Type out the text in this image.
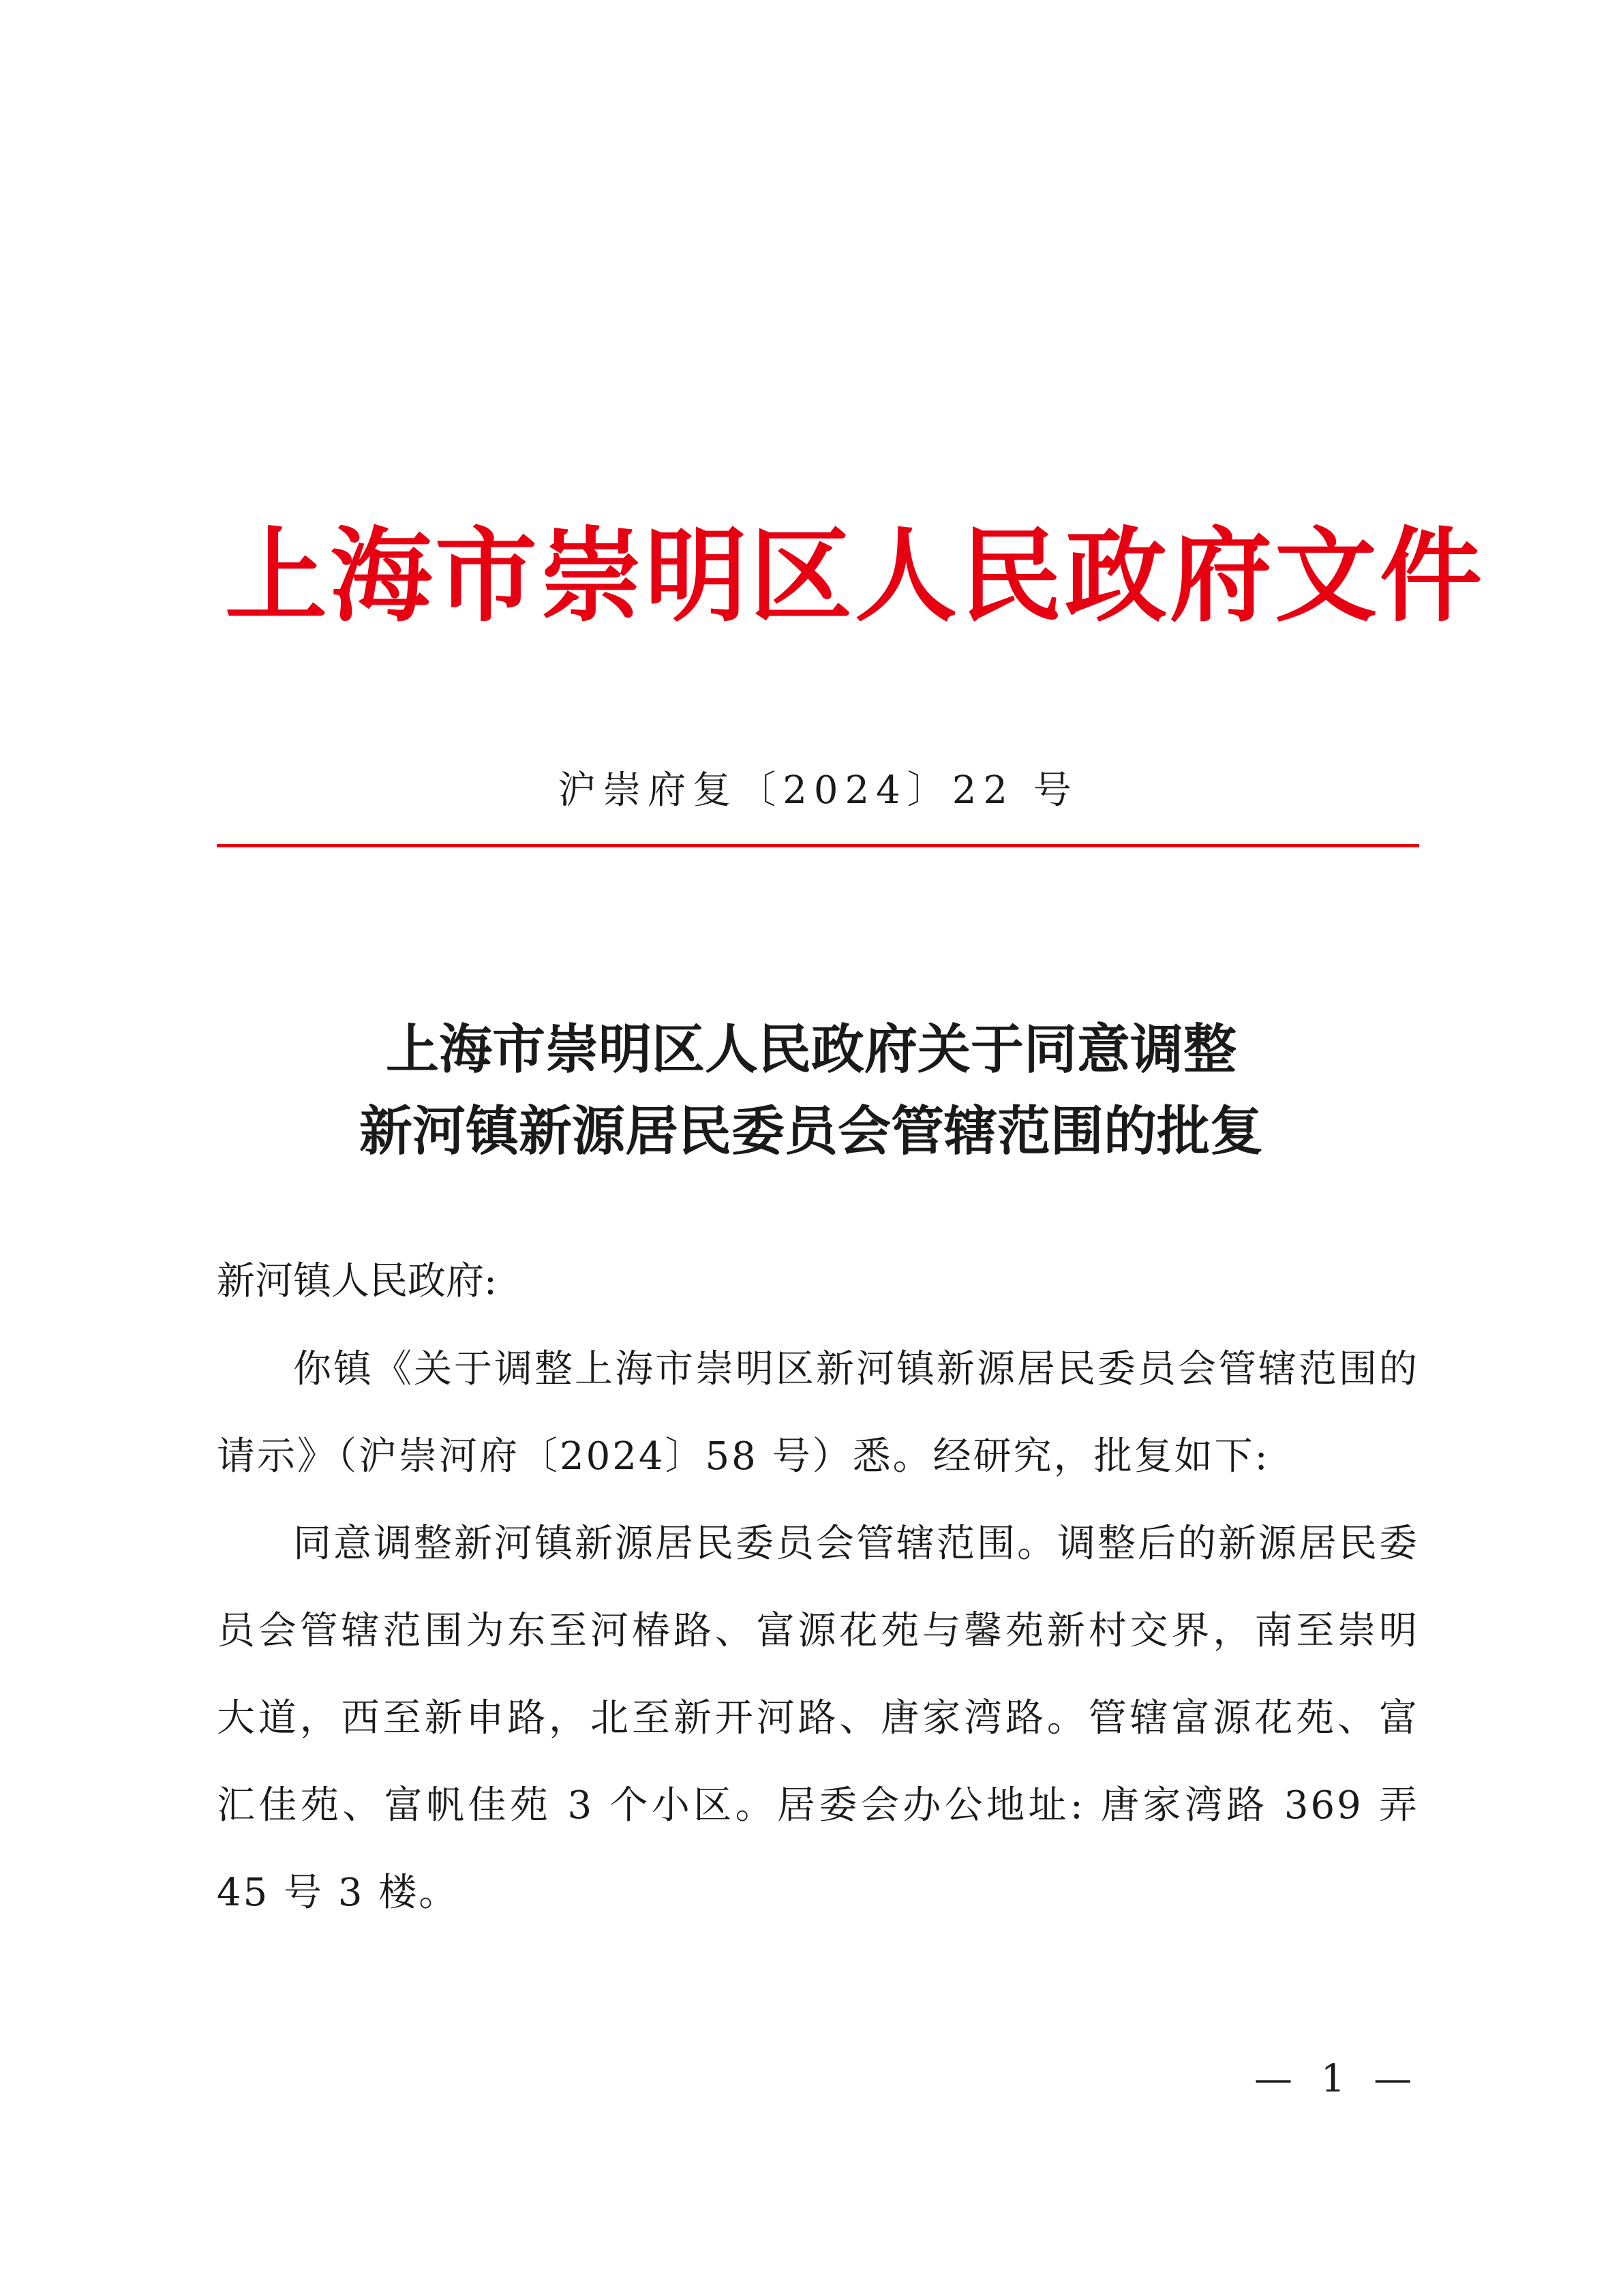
上海市崇明区人民政府文件
沪崇府复〔2024〕22 号
上海市崇明区人民政府关于同意调整
新河镇新源居民委员会管辖范围的批复
新河镇人民政府:

你镇《关于调整上海市崇明区新河镇新源居民委员会管辖范围的请示》（沪崇河府〔2024〕58 号）悉。经研究，批复如下:

同意调整新河镇新源居民委员会管辖范围。调整后的新源居民委员会管辖范围为东至河椿路、富源花苑与馨苑新村交界，南至崇明大道，西至新申路，北至新开河路、唐家湾路。管辖富源花苑、富汇佳苑、富帆佳苑 3 个小区。居委会办公地址: 唐家湾路 369 弄 45 号 3 楼。

— 1 —
